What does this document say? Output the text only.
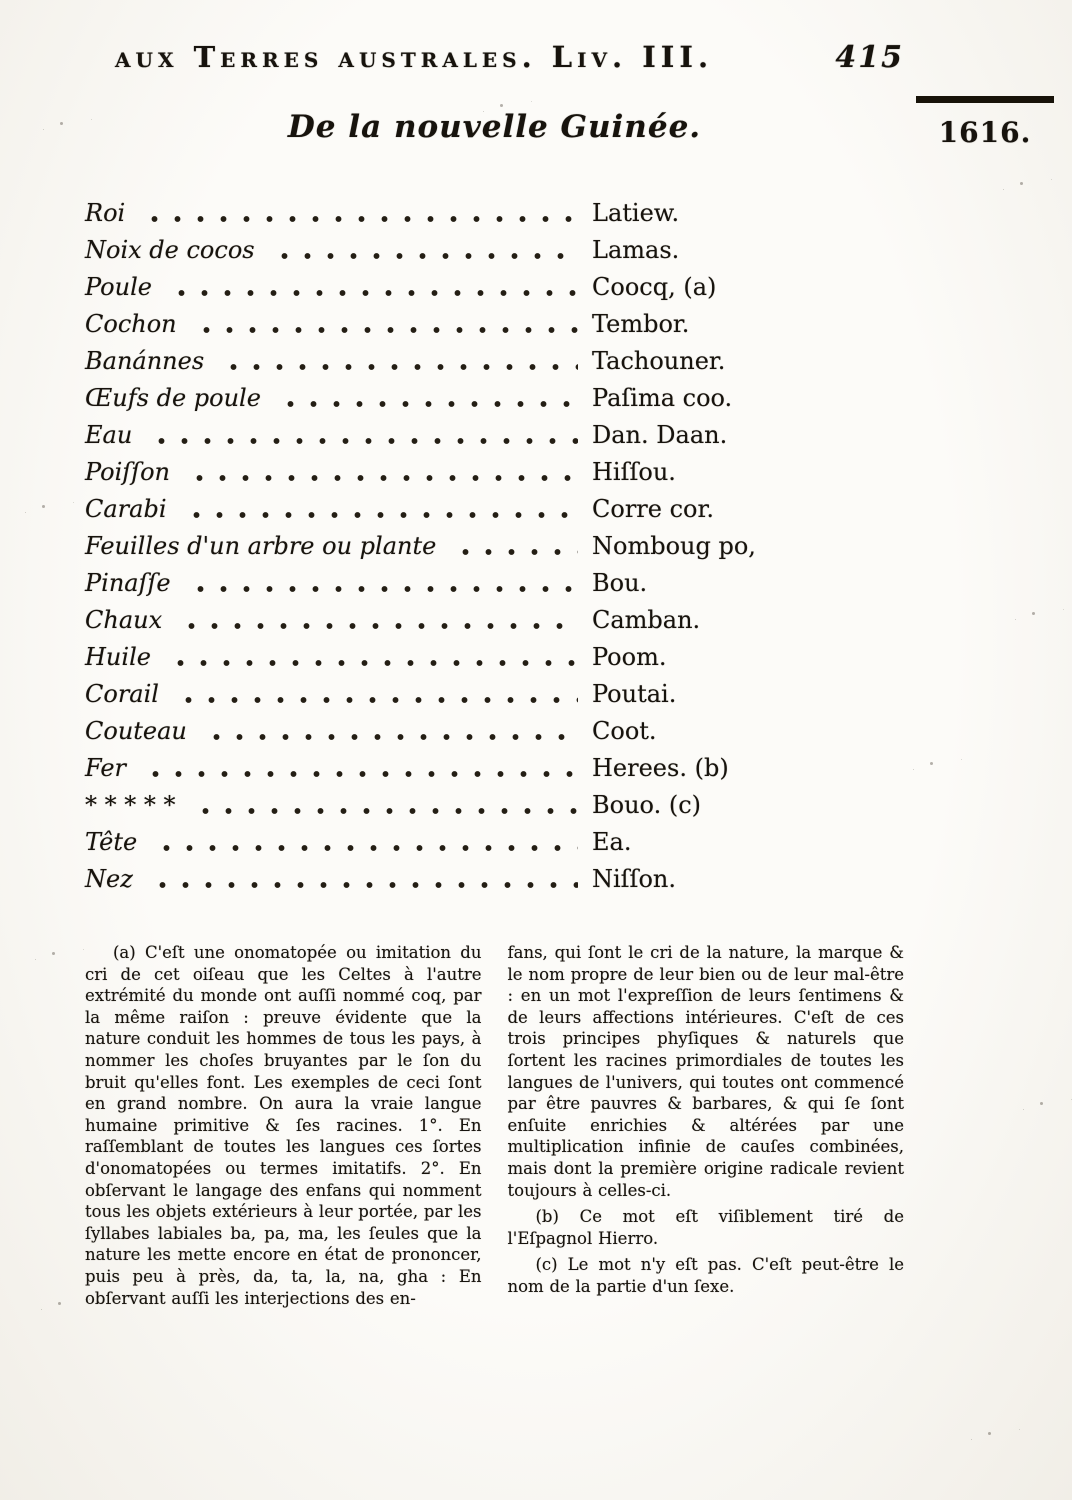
aux Terres australes. Liv. III.	415
1616.
De la nouvelle Guinée.
Roi	Latiew.
Noix de cocos	Lamas.
Poule	Coocq, (a)
Cochon	Tembor.
Banánnes	Tachouner.
Œufs de poule	Paſima coo.
Eau	Dan. Daan.
Poiſſon	Hiſſou.
Carabi	Corre cor.
Feuilles d'un arbre ou plante	Nomboug po,
Pinaſſe	Bou.
Chaux	Camban.
Huile	Poom.
Corail	Poutai.
Couteau	Coot.
Fer	Herees. (b)
* * * * *	Bouo. (c)
Tête	Ea.
Nez	Niſſon.

(a) C'eſt une onomatopée ou imitation du cri de cet oiſeau que les Celtes à l'autre extrémité du monde ont auſſi nommé coq, par la même raiſon : preuve évidente que la nature conduit les hommes de tous les pays, à nommer les choſes bruyantes par le ſon du bruit qu'elles font. Les exemples de ceci ſont en grand nombre. On aura la vraie langue humaine primitive & ſes racines. 1°. En raſſemblant de toutes les langues ces ſortes d'onomatopées ou termes imitatifs. 2°. En obſervant le langage des enfans qui nomment tous les objets extérieurs à leur portée, par les ſyllabes labiales ba, pa, ma, les ſeules que la nature les mette encore en état de prononcer, puis peu à près, da, ta, la, na, gha : En obſervant auſſi les interjections des en-

fans, qui ſont le cri de la nature, la marque & le nom propre de leur bien ou de leur mal-être : en un mot l'expreſſion de leurs ſentimens & de leurs affections intérieures. C'eſt de ces trois principes phyſiques & naturels que ſortent les racines primordiales de toutes les langues de l'univers, qui toutes ont commencé par être pauvres & barbares, & qui ſe ſont enſuite enrichies & altérées par une multiplication infinie de cauſes combinées, mais dont la première origine radicale revient toujours à celles-ci.

(b) Ce mot eſt viſiblement tiré de l'Eſpagnol Hierro.

(c) Le mot n'y eſt pas. C'eſt peut-être le nom de la partie d'un ſexe.
